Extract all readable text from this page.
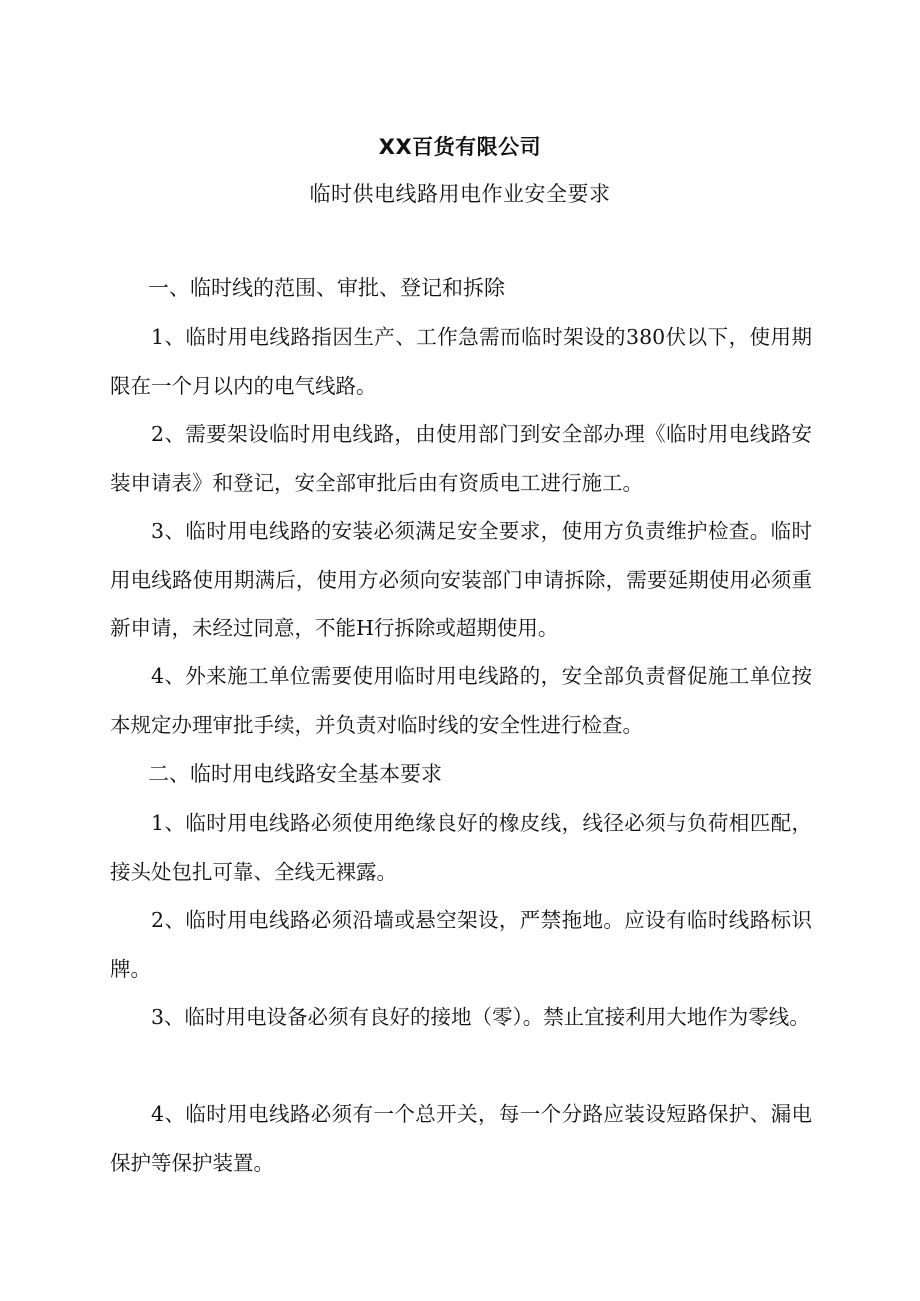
XX百货有限公司
临时供电线路用电作业安全要求
一、临时线的范围、审批、登记和拆除

1、临时用电线路指因生产、工作急需而临时架设的380伏以下，使用期限在一个月以内的电气线路。

2、需要架设临时用电线路，由使用部门到安全部办理《临时用电线路安装申请表》和登记，安全部审批后由有资质电工进行施工。

3、临时用电线路的安装必须满足安全要求，使用方负责维护检查。临时用电线路使用期满后，使用方必须向安装部门申请拆除，需要延期使用必须重新申请，未经过同意，不能H行拆除或超期使用。

4、外来施工单位需要使用临时用电线路的，安全部负责督促施工单位按本规定办理审批手续，并负责对临时线的安全性进行检查。

二、临时用电线路安全基本要求

1、临时用电线路必须使用绝缘良好的橡皮线，线径必须与负荷相匹配，接头处包扎可靠、全线无裸露。

2、临时用电线路必须沿墙或悬空架设，严禁拖地。应设有临时线路标识牌。

3、临时用电设备必须有良好的接地（零）。禁止宜接利用大地作为零线。

4、临时用电线路必须有一个总开关，每一个分路应装设短路保护、漏电保护等保护装置。
